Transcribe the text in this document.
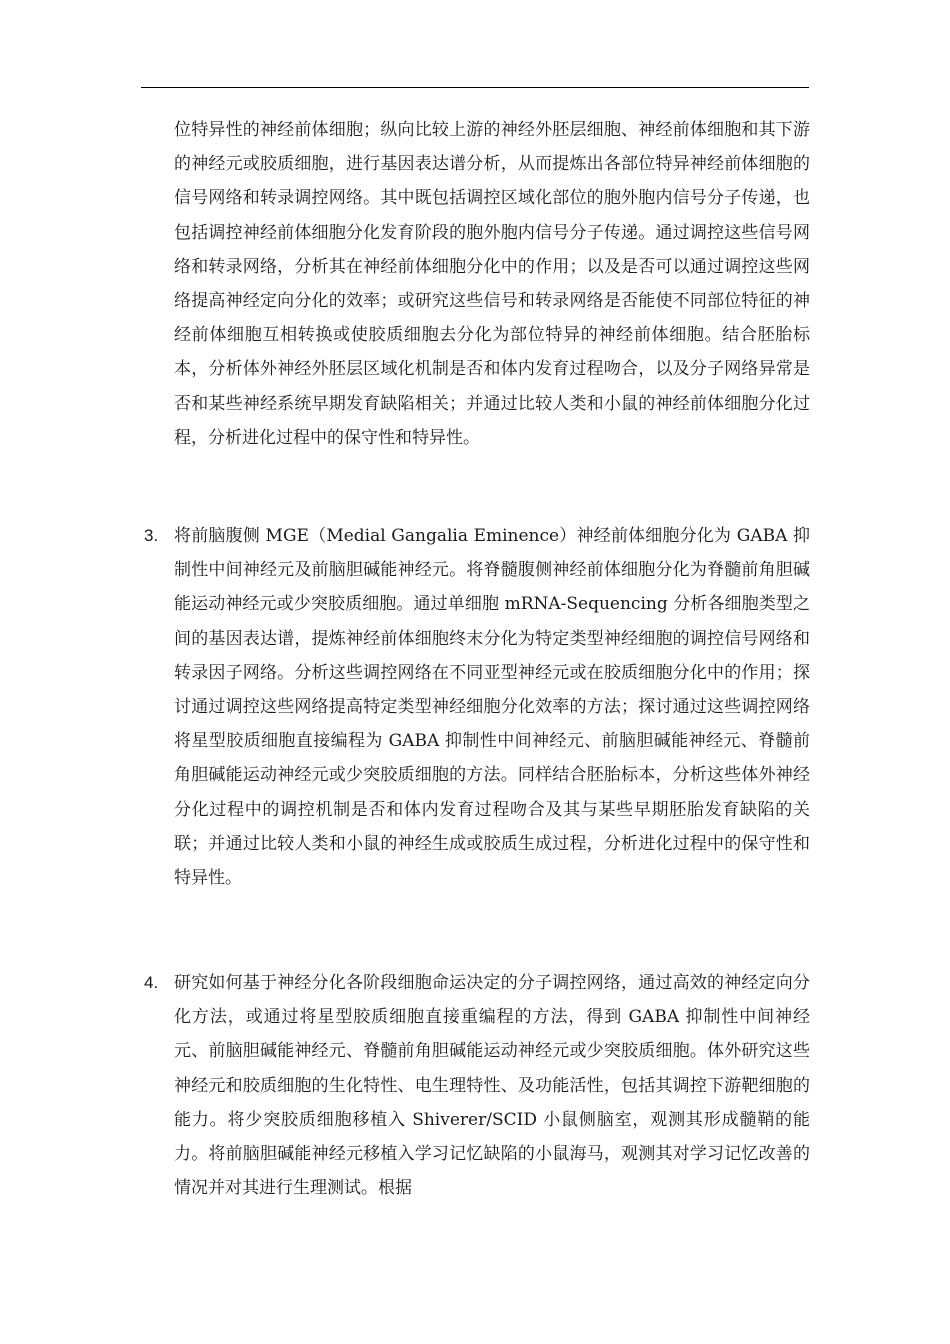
位特异性的神经前体细胞；纵向比较上游的神经外胚层细胞、神经前体细胞和其下游的神经元或胶质细胞，进行基因表达谱分析，从而提炼出各部位特异神经前体细胞的信号网络和转录调控网络。其中既包括调控区域化部位的胞外胞内信号分子传递，也包括调控神经前体细胞分化发育阶段的胞外胞内信号分子传递。通过调控这些信号网络和转录网络，分析其在神经前体细胞分化中的作用；以及是否可以通过调控这些网络提高神经定向分化的效率；或研究这些信号和转录网络是否能使不同部位特征的神经前体细胞互相转换或使胶质细胞去分化为部位特异的神经前体细胞。结合胚胎标本，分析体外神经外胚层区域化机制是否和体内发育过程吻合，以及分子网络异常是否和某些神经系统早期发育缺陷相关；并通过比较人类和小鼠的神经前体细胞分化过程，分析进化过程中的保守性和特异性。

3. 将前脑腹侧 MGE（Medial Gangalia Eminence）神经前体细胞分化为 GABA 抑制性中间神经元及前脑胆碱能神经元。将脊髓腹侧神经前体细胞分化为脊髓前角胆碱能运动神经元或少突胶质细胞。通过单细胞 mRNA-Sequencing 分析各细胞类型之间的基因表达谱，提炼神经前体细胞终末分化为特定类型神经细胞的调控信号网络和转录因子网络。分析这些调控网络在不同亚型神经元或在胶质细胞分化中的作用；探讨通过调控这些网络提高特定类型神经细胞分化效率的方法；探讨通过这些调控网络将星型胶质细胞直接编程为 GABA 抑制性中间神经元、前脑胆碱能神经元、脊髓前角胆碱能运动神经元或少突胶质细胞的方法。同样结合胚胎标本，分析这些体外神经分化过程中的调控机制是否和体内发育过程吻合及其与某些早期胚胎发育缺陷的关联；并通过比较人类和小鼠的神经生成或胶质生成过程，分析进化过程中的保守性和特异性。

4. 研究如何基于神经分化各阶段细胞命运决定的分子调控网络，通过高效的神经定向分化方法，或通过将星型胶质细胞直接重编程的方法，得到 GABA 抑制性中间神经元、前脑胆碱能神经元、脊髓前角胆碱能运动神经元或少突胶质细胞。体外研究这些神经元和胶质细胞的生化特性、电生理特性、及功能活性，包括其调控下游靶细胞的能力。将少突胶质细胞移植入 Shiverer/SCID 小鼠侧脑室，观测其形成髓鞘的能力。将前脑胆碱能神经元移植入学习记忆缺陷的小鼠海马，观测其对学习记忆改善的情况并对其进行生理测试。根据
